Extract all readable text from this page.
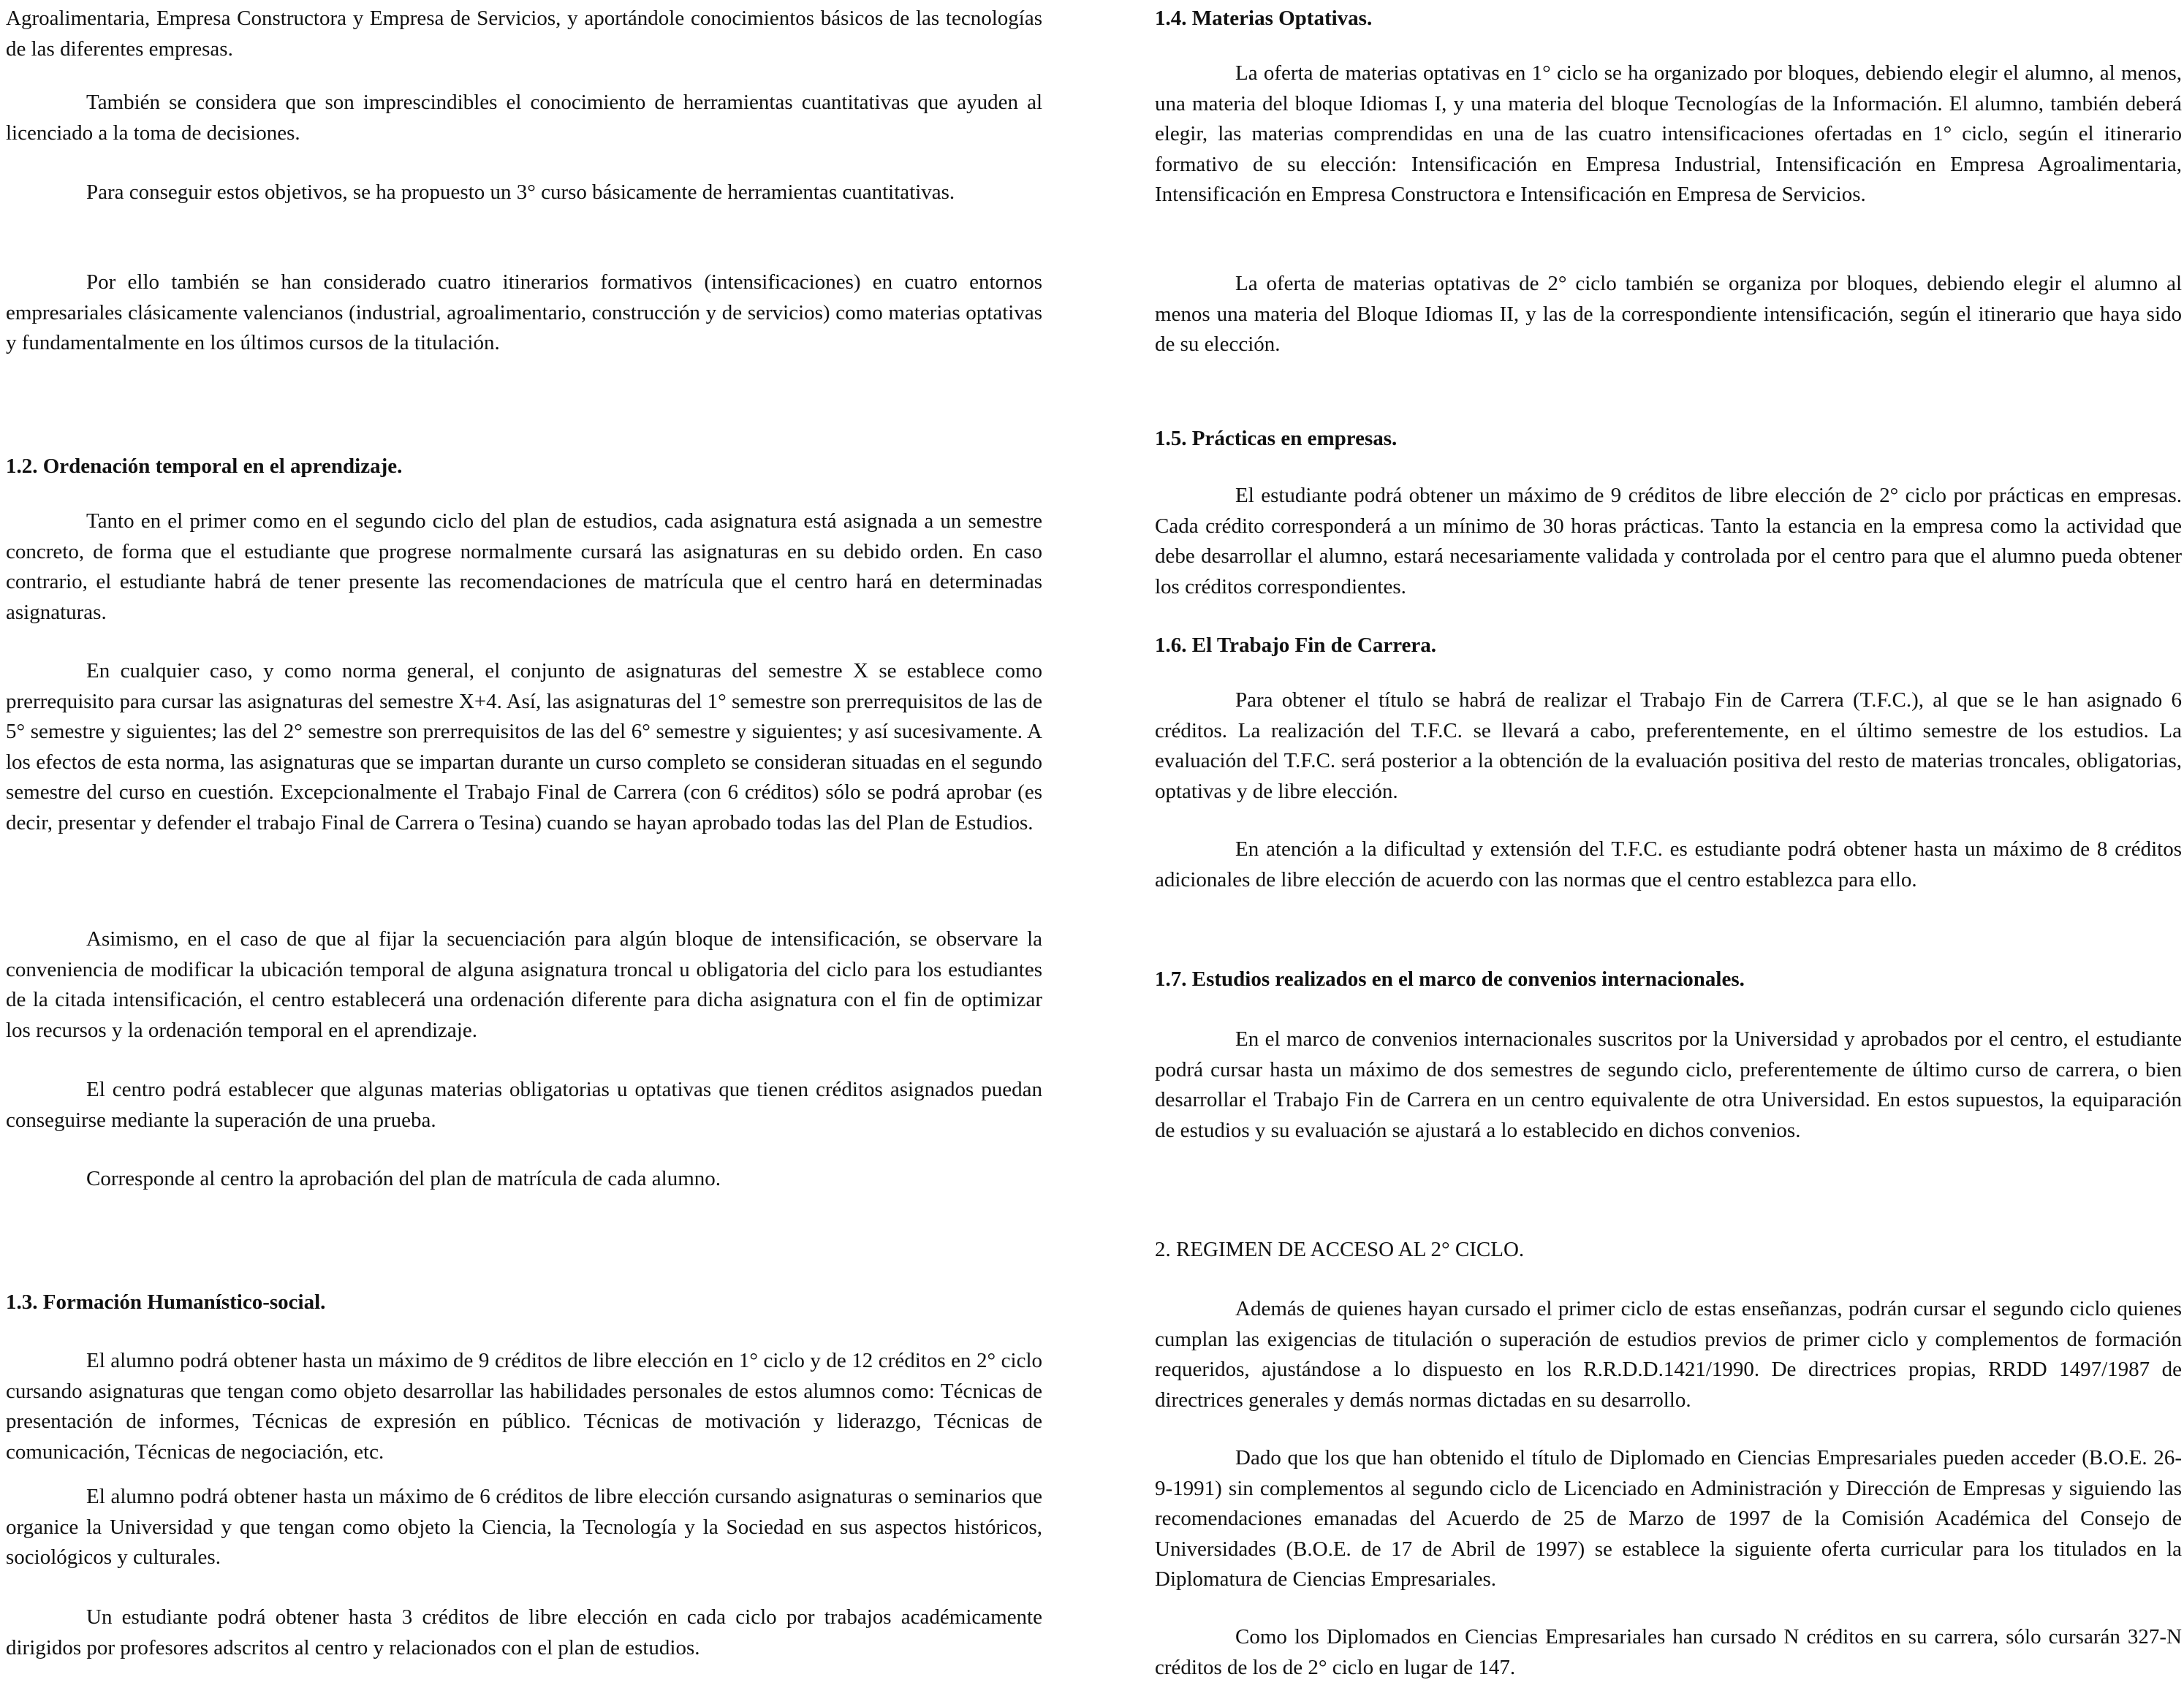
Agroalimentaria, Empresa Constructora y Empresa de Servicios, y aportándole conocimientos básicos de las tecnologías de las diferentes empresas.

También se considera que son imprescindibles el conocimiento de herramientas cuantitativas que ayuden al licenciado a la toma de decisiones.

Para conseguir estos objetivos, se ha propuesto un 3° curso básicamente de herramientas cuantitativas.

Por ello también se han considerado cuatro itinerarios formativos (intensificaciones) en cuatro entornos empresariales clásicamente valencianos (industrial, agroalimentario, construcción y de servicios) como materias optativas y fundamentalmente en los últimos cursos de la titulación.

1.2. Ordenación temporal en el aprendizaje.

Tanto en el primer como en el segundo ciclo del plan de estudios, cada asignatura está asignada a un semestre concreto, de forma que el estudiante que progrese normalmente cursará las asignaturas en su debido orden. En caso contrario, el estudiante habrá de tener presente las recomendaciones de matrícula que el centro hará en determinadas asignaturas.

En cualquier caso, y como norma general, el conjunto de asignaturas del semestre X se establece como prerrequisito para cursar las asignaturas del semestre X+4. Así, las asignaturas del 1° semestre son prerrequisitos de las de 5° semestre y siguientes; las del 2° semestre son prerrequisitos de las del 6° semestre y siguientes; y así sucesivamente. A los efectos de esta norma, las asignaturas que se impartan durante un curso completo se consideran situadas en el segundo semestre del curso en cuestión. Excepcionalmente el Trabajo Final de Carrera (con 6 créditos) sólo se podrá aprobar (es decir, presentar y defender el trabajo Final de Carrera o Tesina) cuando se hayan aprobado todas las del Plan de Estudios.

Asimismo, en el caso de que al fijar la secuenciación para algún bloque de intensificación, se observare la conveniencia de modificar la ubicación temporal de alguna asignatura troncal u obligatoria del ciclo para los estudiantes de la citada intensificación, el centro establecerá una ordenación diferente para dicha asignatura con el fin de optimizar los recursos y la ordenación temporal en el aprendizaje.

El centro podrá establecer que algunas materias obligatorias u optativas que tienen créditos asignados puedan conseguirse mediante la superación de una prueba.

Corresponde al centro la aprobación del plan de matrícula de cada alumno.

1.3. Formación Humanístico-social.

El alumno podrá obtener hasta un máximo de 9 créditos de libre elección en 1° ciclo y de 12 créditos en 2° ciclo cursando asignaturas que tengan como objeto desarrollar las habilidades personales de estos alumnos como: Técnicas de presentación de informes, Técnicas de expresión en público. Técnicas de motivación y liderazgo, Técnicas de comunicación, Técnicas de negociación, etc.

El alumno podrá obtener hasta un máximo de 6 créditos de libre elección cursando asignaturas o seminarios que organice la Universidad y que tengan como objeto la Ciencia, la Tecnología y la Sociedad en sus aspectos históricos, sociológicos y culturales.

Un estudiante podrá obtener hasta 3 créditos de libre elección en cada ciclo por trabajos académicamente dirigidos por profesores adscritos al centro y relacionados con el plan de estudios.

1.4. Materias Optativas.

La oferta de materias optativas en 1° ciclo se ha organizado por bloques, debiendo elegir el alumno, al menos, una materia del bloque Idiomas I, y una materia del bloque Tecnologías de la Información. El alumno, también deberá elegir, las materias comprendidas en una de las cuatro intensificaciones ofertadas en 1° ciclo, según el itinerario formativo de su elección: Intensificación en Empresa Industrial, Intensificación en Empresa Agroalimentaria, Intensificación en Empresa Constructora e Intensificación en Empresa de Servicios.

La oferta de materias optativas de 2° ciclo también se organiza por bloques, debiendo elegir el alumno al menos una materia del Bloque Idiomas II, y las de la correspondiente intensificación, según el itinerario que haya sido de su elección.

1.5. Prácticas en empresas.

El estudiante podrá obtener un máximo de 9 créditos de libre elección de 2° ciclo por prácticas en empresas. Cada crédito corresponderá a un mínimo de 30 horas prácticas. Tanto la estancia en la empresa como la actividad que debe desarrollar el alumno, estará necesariamente validada y controlada por el centro para que el alumno pueda obtener los créditos correspondientes.

1.6. El Trabajo Fin de Carrera.

Para obtener el título se habrá de realizar el Trabajo Fin de Carrera (T.F.C.), al que se le han asignado 6 créditos. La realización del T.F.C. se llevará a cabo, preferentemente, en el último semestre de los estudios. La evaluación del T.F.C. será posterior a la obtención de la evaluación positiva del resto de materias troncales, obligatorias, optativas y de libre elección.

En atención a la dificultad y extensión del T.F.C. es estudiante podrá obtener hasta un máximo de 8 créditos adicionales de libre elección de acuerdo con las normas que el centro establezca para ello.

1.7. Estudios realizados en el marco de convenios internacionales.

En el marco de convenios internacionales suscritos por la Universidad y aprobados por el centro, el estudiante podrá cursar hasta un máximo de dos semestres de segundo ciclo, preferentemente de último curso de carrera, o bien desarrollar el Trabajo Fin de Carrera en un centro equivalente de otra Universidad. En estos supuestos, la equiparación de estudios y su evaluación se ajustará a lo establecido en dichos convenios.

2. REGIMEN DE ACCESO AL 2° CICLO.

Además de quienes hayan cursado el primer ciclo de estas enseñanzas, podrán cursar el segundo ciclo quienes cumplan las exigencias de titulación o superación de estudios previos de primer ciclo y complementos de formación requeridos, ajustándose a lo dispuesto en los R.R.D.D.1421/1990. De directrices propias, RRDD 1497/1987 de directrices generales y demás normas dictadas en su desarrollo.

Dado que los que han obtenido el título de Diplomado en Ciencias Empresariales pueden acceder (B.O.E. 26-9-1991) sin complementos al segundo ciclo de Licenciado en Administración y Dirección de Empresas y siguiendo las recomendaciones emanadas del Acuerdo de 25 de Marzo de 1997 de la Comisión Académica del Consejo de Universidades (B.O.E. de 17 de Abril de 1997) se establece la siguiente oferta curricular para los titulados en la Diplomatura de Ciencias Empresariales.

Como los Diplomados en Ciencias Empresariales han cursado N créditos en su carrera, sólo cursarán 327-N créditos de los de 2° ciclo en lugar de 147.
